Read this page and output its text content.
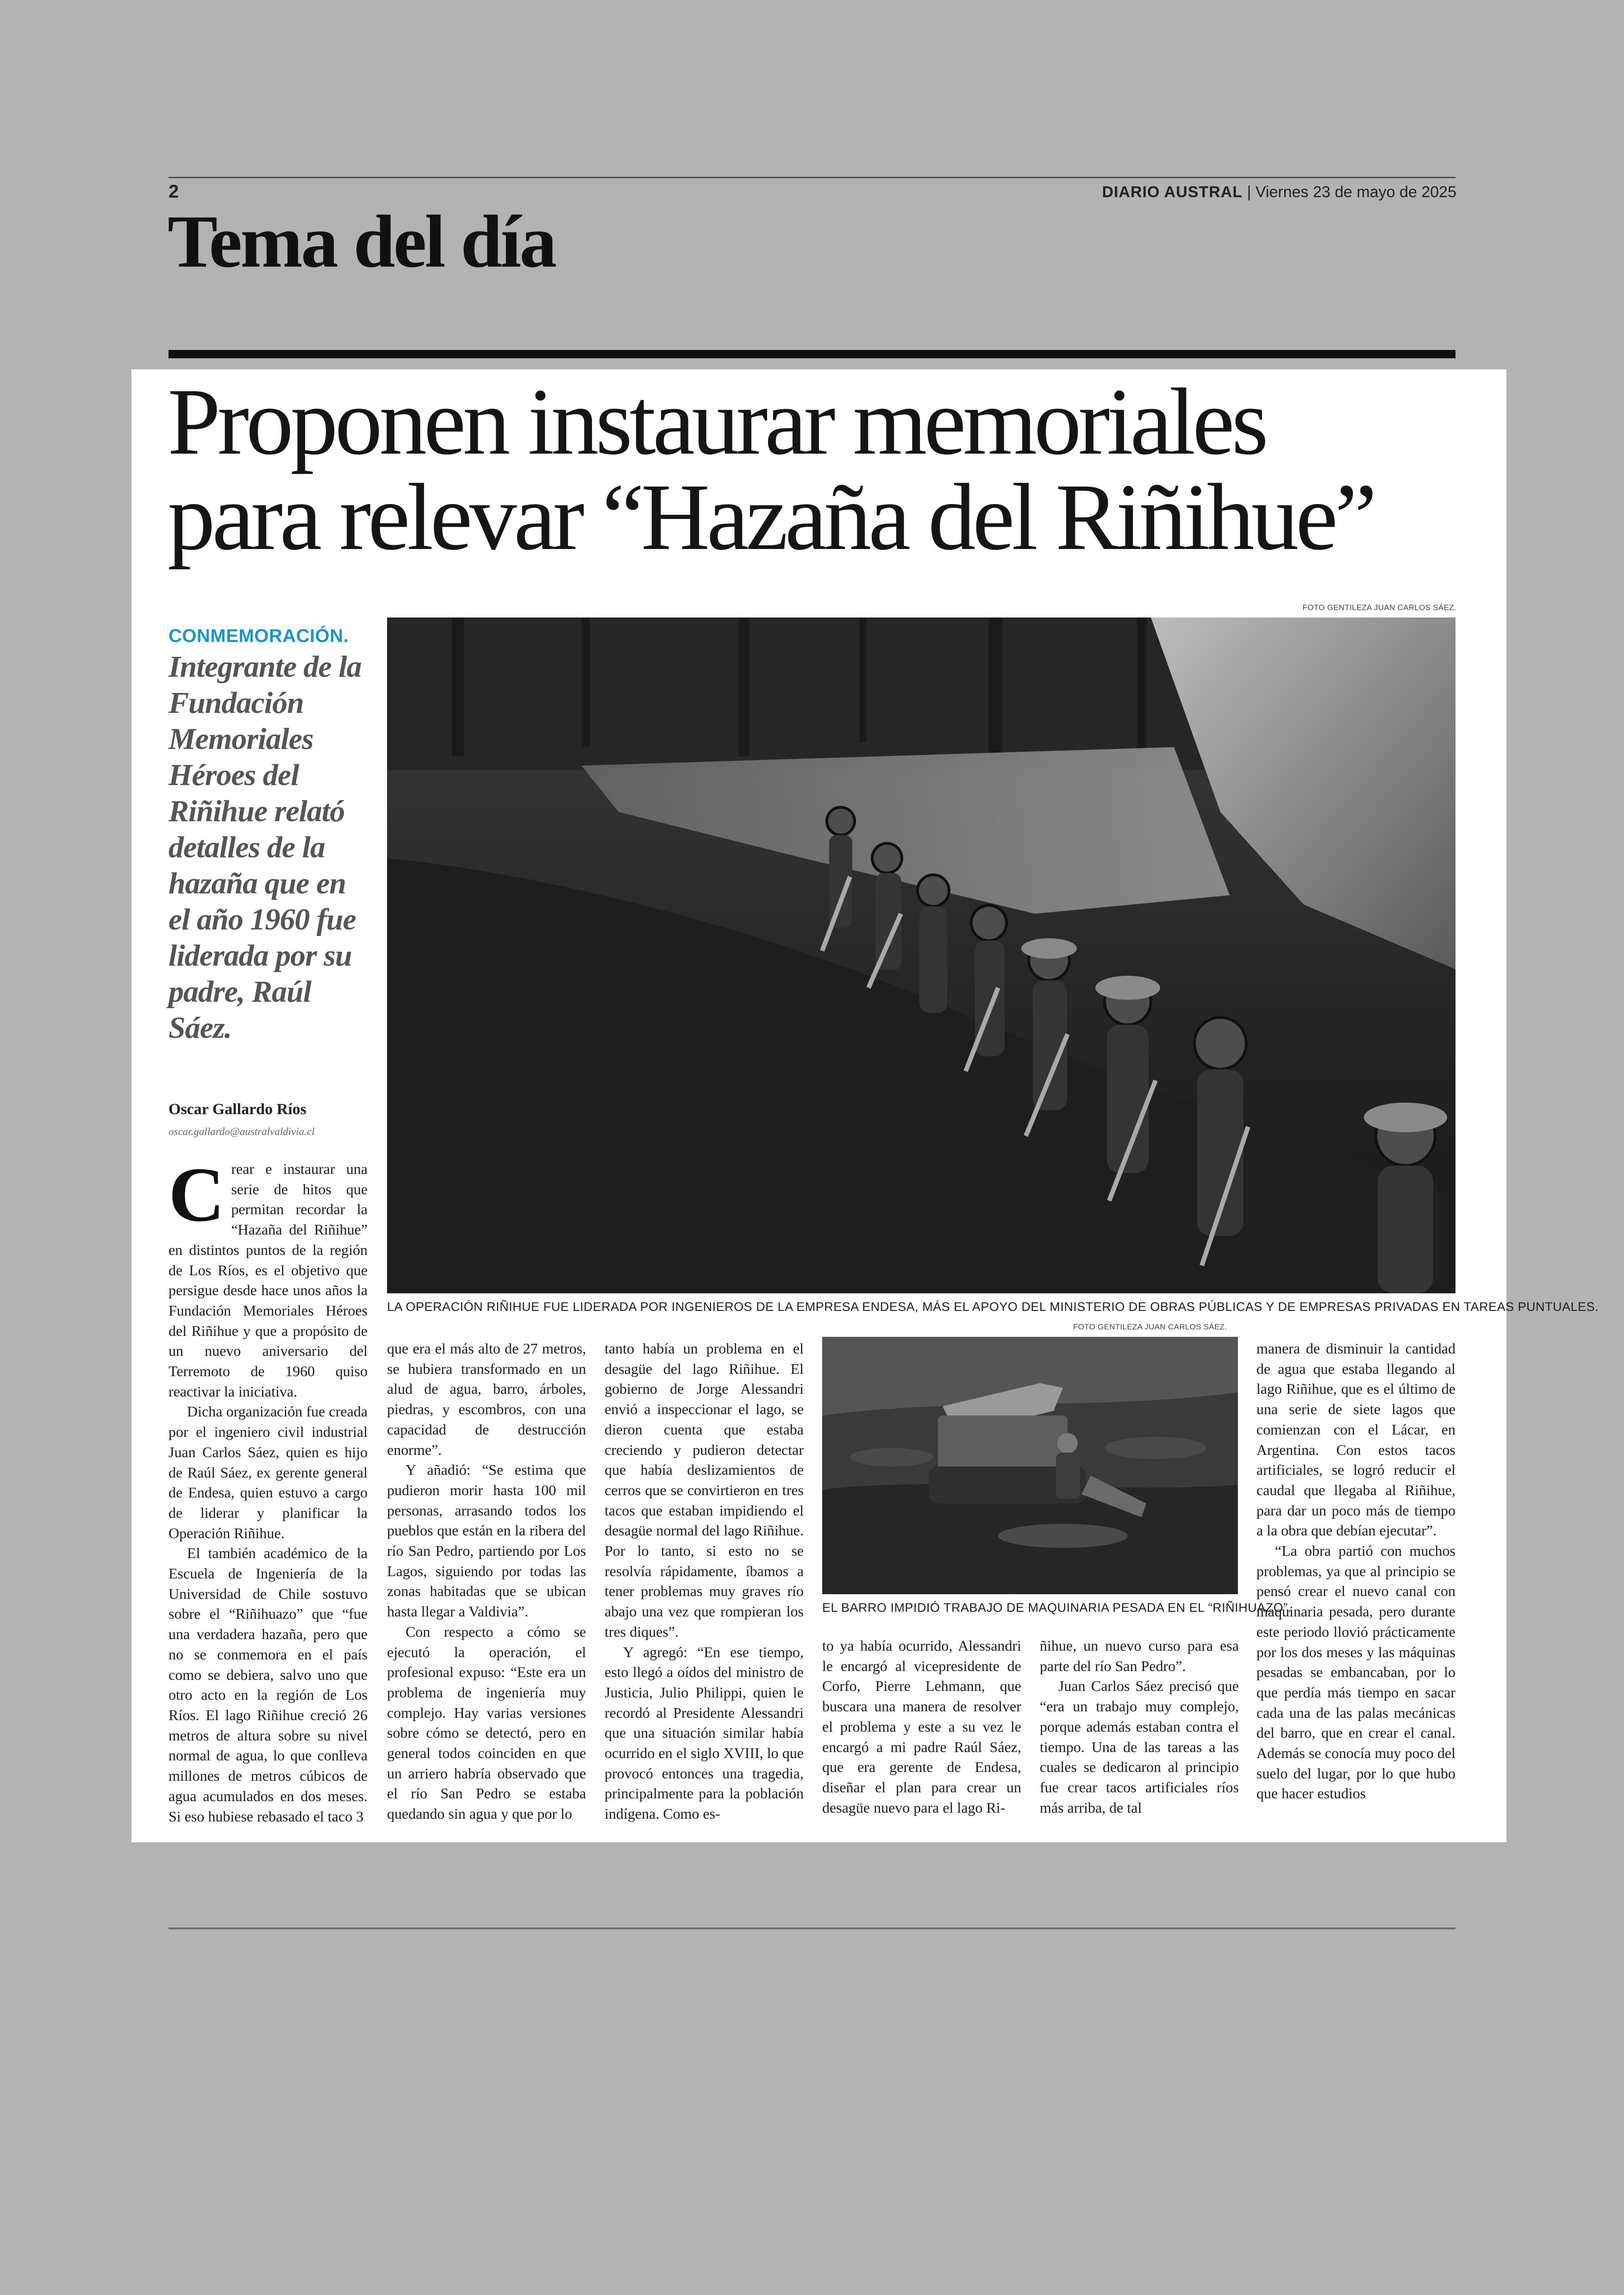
2	DIARIO AUSTRAL | Viernes 23 de mayo de 2025
Tema del día
Proponen instaurar memoriales
para relevar “Hazaña del Riñihue”
CONMEMORACIÓN.
Integrante de la Fundación Memoriales Héroes del Riñihue relató detalles de la hazaña que en el año 1960 fue liderada por su padre, Raúl Sáez.
Oscar Gallardo Ríos
oscar.gallardo@australvaldivia.cl
FOTO GENTILEZA JUAN CARLOS SÁEZ.
LA OPERACIÓN RIÑIHUE FUE LIDERADA POR INGENIEROS DE LA EMPRESA ENDESA, MÁS EL APOYO DEL MINISTERIO DE OBRAS PÚBLICAS Y DE EMPRESAS PRIVADAS EN TAREAS PUNTUALES.
FOTO GENTILEZA JUAN CARLOS SÁEZ.
EL BARRO IMPIDIÓ TRABAJO DE MAQUINARIA PESADA EN EL “RIÑIHUAZO”.

Crear e instaurar una serie de hitos que permitan recordar la “Hazaña del Riñihue” en distintos puntos de la región de Los Ríos, es el objetivo que persigue desde hace unos años la Fundación Memoriales Héroes del Riñihue y que a propósito de un nuevo aniversario del Terremoto de 1960 quiso reactivar la iniciativa.

Dicha organización fue creada por el ingeniero civil industrial Juan Carlos Sáez, quien es hijo de Raúl Sáez, ex gerente general de Endesa, quien estuvo a cargo de liderar y planificar la Operación Riñihue.

El también académico de la Escuela de Ingeniería de la Universidad de Chile sostuvo sobre el “Riñihuazo” que “fue una verdadera hazaña, pero que no se conmemora en el país como se debiera, salvo uno que otro acto en la región de Los Ríos. El lago Riñihue creció 26 metros de altura sobre su nivel normal de agua, lo que conlleva millones de metros cúbicos de agua acumulados en dos meses. Si eso hubiese rebasado el taco 3

que era el más alto de 27 metros, se hubiera transformado en un alud de agua, barro, árboles, piedras, y escombros, con una capacidad de destrucción enorme”.

Y añadió: “Se estima que pudieron morir hasta 100 mil personas, arrasando todos los pueblos que están en la ribera del río San Pedro, partiendo por Los Lagos, siguiendo por todas las zonas habitadas que se ubican hasta llegar a Valdivia”.

Con respecto a cómo se ejecutó la operación, el profesional expuso: “Este era un problema de ingeniería muy complejo. Hay varias versiones sobre cómo se detectó, pero en general todos coinciden en que un arriero habría observado que el río San Pedro se estaba quedando sin agua y que por lo

tanto había un problema en el desagüe del lago Riñihue. El gobierno de Jorge Alessandri envió a inspeccionar el lago, se dieron cuenta que estaba creciendo y pudieron detectar que había deslizamientos de cerros que se convirtieron en tres tacos que estaban impidiendo el desagüe normal del lago Riñihue. Por lo tanto, si esto no se resolvía rápidamente, íbamos a tener problemas muy graves río abajo una vez que rompieran los tres diques”.

Y agregó: “En ese tiempo, esto llegó a oídos del ministro de Justicia, Julio Philippi, quien le recordó al Presidente Alessandri que una situación similar había ocurrido en el siglo XVIII, lo que provocó entonces una tragedia, principalmente para la población indígena. Como es-

to ya había ocurrido, Alessandri le encargó al vicepresidente de Corfo, Pierre Lehmann, que buscara una manera de resolver el problema y este a su vez le encargó a mi padre Raúl Sáez, que era gerente de Endesa, diseñar el plan para crear un desagüe nuevo para el lago Ri-

ñihue, un nuevo curso para esa parte del río San Pedro”.

Juan Carlos Sáez precisó que “era un trabajo muy complejo, porque además estaban contra el tiempo. Una de las tareas a las cuales se dedicaron al principio fue crear tacos artificiales ríos más arriba, de tal

manera de disminuir la cantidad de agua que estaba llegando al lago Riñihue, que es el último de una serie de siete lagos que comienzan con el Lácar, en Argentina. Con estos tacos artificiales, se logró reducir el caudal que llegaba al Riñihue, para dar un poco más de tiempo a la obra que debían ejecutar”.

“La obra partió con muchos problemas, ya que al principio se pensó crear el nuevo canal con maquinaria pesada, pero durante este periodo llovió prácticamente por los dos meses y las máquinas pesadas se embancaban, por lo que perdía más tiempo en sacar cada una de las palas mecánicas del barro, que en crear el canal. Además se conocía muy poco del suelo del lugar, por lo que hubo que hacer estudios
